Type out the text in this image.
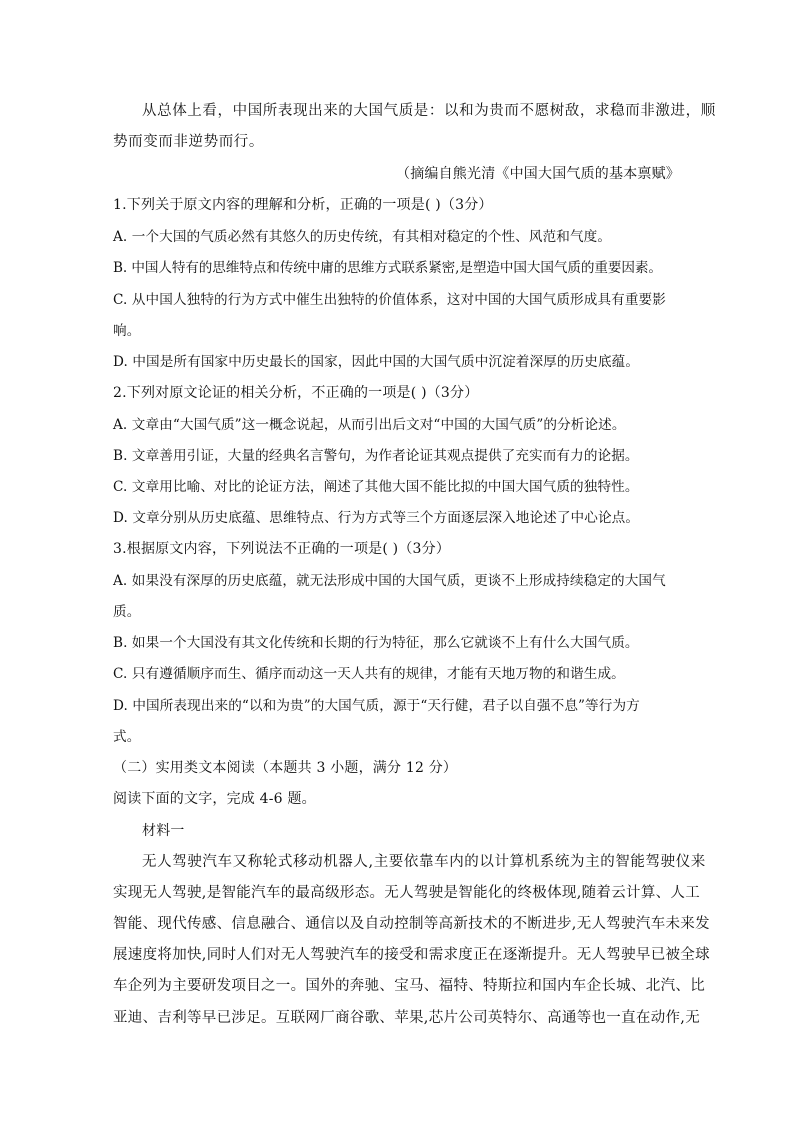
从总体上看，中国所表现出来的大国气质是：以和为贵而不愿树敌，求稳而非激进，顺
势而变而非逆势而行。
（摘编自熊光清《中国大国气质的基本禀赋》
1.下列关于原文内容的理解和分析，正确的一项是( )（3分）
A. 一个大国的气质必然有其悠久的历史传统，有其相对稳定的个性、风范和气度。
B. 中国人特有的思维特点和传统中庸的思维方式联系紧密,是塑造中国大国气质的重要因素。
C. 从中国人独特的行为方式中催生出独特的价值体系，这对中国的大国气质形成具有重要影
响。
D. 中国是所有国家中历史最长的国家，因此中国的大国气质中沉淀着深厚的历史底蕴。
2.下列对原文论证的相关分析，不正确的一项是( )（3分）
A. 文章由“大国气质”这一概念说起，从而引出后文对“中国的大国气质”的分析论述。
B. 文章善用引证，大量的经典名言警句，为作者论证其观点提供了充实而有力的论据。
C. 文章用比喻、对比的论证方法，阐述了其他大国不能比拟的中国大国气质的独特性。
D. 文章分别从历史底蕴、思维特点、行为方式等三个方面逐层深入地论述了中心论点。
3.根据原文内容，下列说法不正确的一项是( )（3分）
A. 如果没有深厚的历史底蕴，就无法形成中国的大国气质，更谈不上形成持续稳定的大国气
质。
B. 如果一个大国没有其文化传统和长期的行为特征，那么它就谈不上有什么大国气质。
C. 只有遵循顺序而生、循序而动这一天人共有的规律，才能有天地万物的和谐生成。
D. 中国所表现出来的“以和为贵”的大国气质，源于“天行健，君子以自强不息”等行为方
式。
（二）实用类文本阅读（本题共 3 小题，满分 12 分）
阅读下面的文字，完成 4-6 题。
材料一
无人驾驶汽车又称轮式移动机器人,主要依靠车内的以计算机系统为主的智能驾驶仪来
实现无人驾驶,是智能汽车的最高级形态。无人驾驶是智能化的终极体现,随着云计算、人工
智能、现代传感、信息融合、通信以及自动控制等高新技术的不断进步,无人驾驶汽车未来发
展速度将加快,同时人们对无人驾驶汽车的接受和需求度正在逐渐提升。无人驾驶早已被全球
车企列为主要研发项目之一。国外的奔驰、宝马、福特、特斯拉和国内车企长城、北汽、比
亚迪、吉利等早已涉足。互联网厂商谷歌、苹果,芯片公司英特尔、高通等也一直在动作,无
